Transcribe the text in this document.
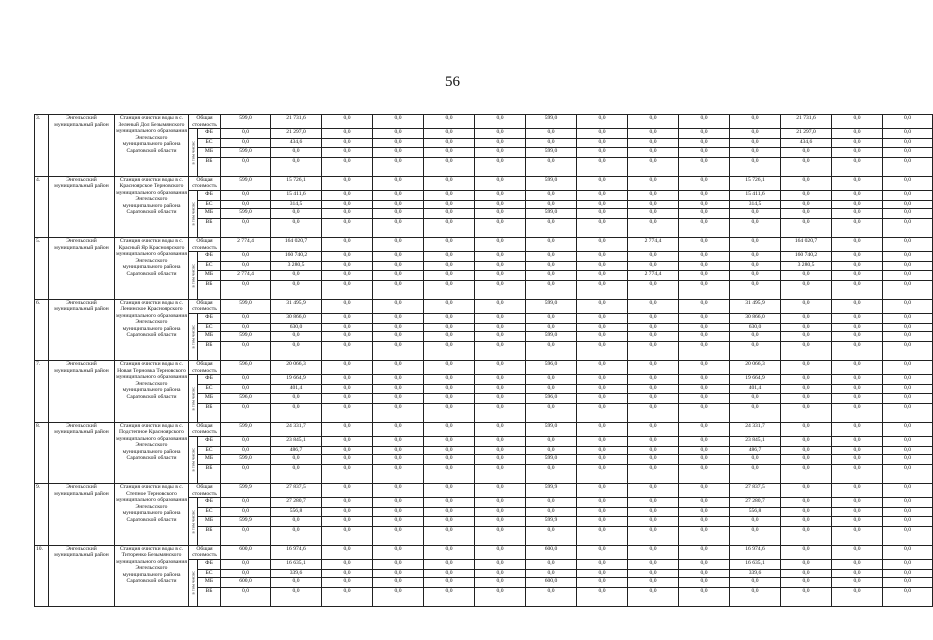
56
3.	Энгельсский муниципальный район	Станция очистки воды в с. Зеленый Дол Безымянского муниципального образования Энгельсского муниципального района Саратовской области	Общая стоимость		599,0	21 731,6	0,0	0,0	0,0	0,0	599,0	0,0	0,0	0,0	0,0	21 731,6	0,0	0,0
			в том числе:	ФБ	0,0	21 297,0	0,0	0,0	0,0	0,0	0,0	0,0	0,0	0,0	0,0	21 297,0	0,0	0,0
				БС	0,0	434,6	0,0	0,0	0,0	0,0	0,0	0,0	0,0	0,0	0,0	434,6	0,0	0,0
				МБ	599,0	0,0	0,0	0,0	0,0	0,0	599,0	0,0	0,0	0,0	0,0	0,0	0,0	0,0
				ВБ	0,0	0,0	0,0	0,0	0,0	0,0	0,0	0,0	0,0	0,0	0,0	0,0	0,0	0,0
4.	Энгельсский муниципальный район	Станция очистки воды в с. Красноярское Терновского муниципального образования Энгельсского муниципального района Саратовской области	Общая стоимость		599,0	15 726,1	0,0	0,0	0,0	0,0	599,0	0,0	0,0	0,0	15 726,1	0,0	0,0	0,0
			в том числе:	ФБ	0,0	15 411,6	0,0	0,0	0,0	0,0	0,0	0,0	0,0	0,0	15 411,6	0,0	0,0	0,0
				БС	0,0	314,5	0,0	0,0	0,0	0,0	0,0	0,0	0,0	0,0	314,5	0,0	0,0	0,0
				МБ	599,0	0,0	0,0	0,0	0,0	0,0	599,0	0,0	0,0	0,0	0,0	0,0	0,0	0,0
				ВБ	0,0	0,0	0,0	0,0	0,0	0,0	0,0	0,0	0,0	0,0	0,0	0,0	0,0	0,0
5.	Энгельсский муниципальный район	Станция очистки воды в с. Красный Яр Красноярского муниципального образования Энгельсского муниципального района Саратовской области	Общая стоимость		2 774,4	164 020,7	0,0	0,0	0,0	0,0	0,0	0,0	2 774,4	0,0	0,0	164 020,7	0,0	0,0
			в том числе:	ФБ	0,0	160 740,2	0,0	0,0	0,0	0,0	0,0	0,0	0,0	0,0	0,0	160 740,2	0,0	0,0
				БС	0,0	3 280,5	0,0	0,0	0,0	0,0	0,0	0,0	0,0	0,0	0,0	3 280,5	0,0	0,0
				МБ	2 774,4	0,0	0,0	0,0	0,0	0,0	0,0	0,0	2 774,4	0,0	0,0	0,0	0,0	0,0
				ВБ	0,0	0,0	0,0	0,0	0,0	0,0	0,0	0,0	0,0	0,0	0,0	0,0	0,0	0,0
6.	Энгельсский муниципальный район	Станция очистки воды в с. Ленинское Красноярского муниципального образования Энгельсского муниципального района Саратовской области	Общая стоимость		599,0	31 495,9	0,0	0,0	0,0	0,0	599,0	0,0	0,0	0,0	31 495,9	0,0	0,0	0,0
			в том числе:	ФБ	0,0	30 866,0	0,0	0,0	0,0	0,0	0,0	0,0	0,0	0,0	30 866,0	0,0	0,0	0,0
				БС	0,0	630,0	0,0	0,0	0,0	0,0	0,0	0,0	0,0	0,0	630,0	0,0	0,0	0,0
				МБ	599,0	0,0	0,0	0,0	0,0	0,0	599,0	0,0	0,0	0,0	0,0	0,0	0,0	0,0
				ВБ	0,0	0,0	0,0	0,0	0,0	0,0	0,0	0,0	0,0	0,0	0,0	0,0	0,0	0,0
7.	Энгельсский муниципальный район	Станция очистки воды в с. Новая Терновка Терновского муниципального образования Энгельсского муниципального района Саратовской области	Общая стоимость		596,0	20 066,3	0,0	0,0	0,0	0,0	596,0	0,0	0,0	0,0	20 066,3	0,0	0,0	0,0
			в том числе:	ФБ	0,0	19 664,9	0,0	0,0	0,0	0,0	0,0	0,0	0,0	0,0	19 664,9	0,0	0,0	0,0
				БС	0,0	401,4	0,0	0,0	0,0	0,0	0,0	0,0	0,0	0,0	401,4	0,0	0,0	0,0
				МБ	596,0	0,0	0,0	0,0	0,0	0,0	596,0	0,0	0,0	0,0	0,0	0,0	0,0	0,0
				ВБ	0,0	0,0	0,0	0,0	0,0	0,0	0,0	0,0	0,0	0,0	0,0	0,0	0,0	0,0
8.	Энгельсский муниципальный район	Станция очистки воды в с. Подстепное Красноярского муниципального образования Энгельсского муниципального района Саратовской области	Общая стоимость		599,0	24 331,7	0,0	0,0	0,0	0,0	599,0	0,0	0,0	0,0	24 331,7	0,0	0,0	0,0
			в том числе:	ФБ	0,0	23 845,1	0,0	0,0	0,0	0,0	0,0	0,0	0,0	0,0	23 845,1	0,0	0,0	0,0
				БС	0,0	486,7	0,0	0,0	0,0	0,0	0,0	0,0	0,0	0,0	486,7	0,0	0,0	0,0
				МБ	599,0	0,0	0,0	0,0	0,0	0,0	599,0	0,0	0,0	0,0	0,0	0,0	0,0	0,0
				ВБ	0,0	0,0	0,0	0,0	0,0	0,0	0,0	0,0	0,0	0,0	0,0	0,0	0,0	0,0
9.	Энгельсский муниципальный район	Станция очистки воды в с. Степное Терновского муниципального образования Энгельсского муниципального района Саратовской области	Общая стоимость		599,9	27 837,5	0,0	0,0	0,0	0,0	599,9	0,0	0,0	0,0	27 837,5	0,0	0,0	0,0
			в том числе:	ФБ	0,0	27 280,7	0,0	0,0	0,0	0,0	0,0	0,0	0,0	0,0	27 280,7	0,0	0,0	0,0
				БС	0,0	556,8	0,0	0,0	0,0	0,0	0,0	0,0	0,0	0,0	556,8	0,0	0,0	0,0
				МБ	599,9	0,0	0,0	0,0	0,0	0,0	599,9	0,0	0,0	0,0	0,0	0,0	0,0	0,0
				ВБ	0,0	0,0	0,0	0,0	0,0	0,0	0,0	0,0	0,0	0,0	0,0	0,0	0,0	0,0
10.	Энгельсский муниципальный район	Станция очистки воды в с. Титоренко Безымянского муниципального образования Энгельсского муниципального района Саратовской области	Общая стоимость		600,0	16 974,6	0,0	0,0	0,0	0,0	600,0	0,0	0,0	0,0	16 974,6	0,0	0,0	0,0
			в том числе:	ФБ	0,0	16 635,1	0,0	0,0	0,0	0,0	0,0	0,0	0,0	0,0	16 635,1	0,0	0,0	0,0
				БС	0,0	339,6	0,0	0,0	0,0	0,0	0,0	0,0	0,0	0,0	339,6	0,0	0,0	0,0
				МБ	600,0	0,0	0,0	0,0	0,0	0,0	600,0	0,0	0,0	0,0	0,0	0,0	0,0	0,0
				ВБ	0,0	0,0	0,0	0,0	0,0	0,0	0,0	0,0	0,0	0,0	0,0	0,0	0,0	0,0
